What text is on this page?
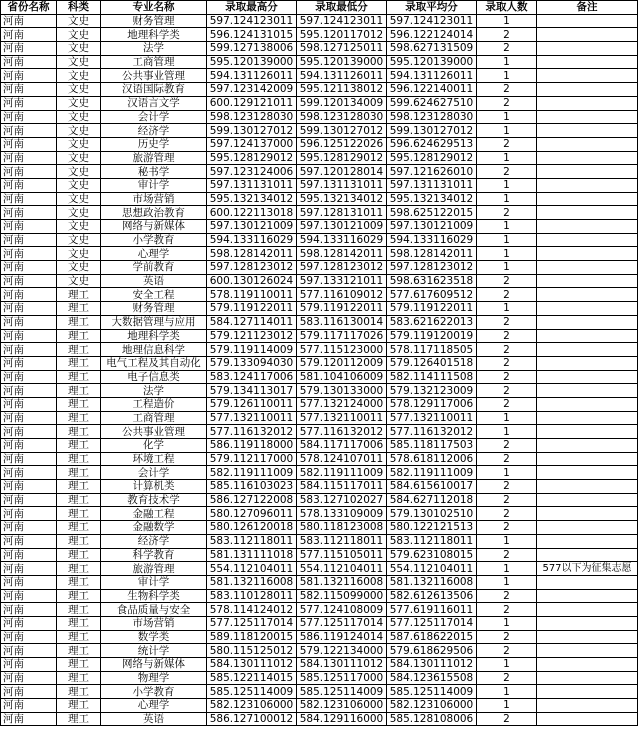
省份名称	科类	专业名称	录取最高分	录取最低分	录取平均分	录取人数	备注
河南	文史	财务管理	597.124123011	597.124123011	597.124123011	1	
河南	文史	地理科学类	596.124131015	595.120117012	596.122124014	2	
河南	文史	法学	599.127138006	598.127125011	598.627131509	2	
河南	文史	工商管理	595.120139000	595.120139000	595.120139000	1	
河南	文史	公共事业管理	594.131126011	594.131126011	594.131126011	1	
河南	文史	汉语国际教育	597.123142009	595.121138012	596.122140011	2	
河南	文史	汉语言文学	600.129121011	599.120134009	599.624627510	2	
河南	文史	会计学	598.123128030	598.123128030	598.123128030	1	
河南	文史	经济学	599.130127012	599.130127012	599.130127012	1	
河南	文史	历史学	597.124137000	596.125122026	596.624629513	2	
河南	文史	旅游管理	595.128129012	595.128129012	595.128129012	1	
河南	文史	秘书学	597.123124006	597.120128014	597.121626010	2	
河南	文史	审计学	597.131131011	597.131131011	597.131131011	1	
河南	文史	市场营销	595.132134012	595.132134012	595.132134012	1	
河南	文史	思想政治教育	600.122113018	597.128131011	598.625122015	2	
河南	文史	网络与新媒体	597.130121009	597.130121009	597.130121009	1	
河南	文史	小学教育	594.133116029	594.133116029	594.133116029	1	
河南	文史	心理学	598.128142011	598.128142011	598.128142011	1	
河南	文史	学前教育	597.128123012	597.128123012	597.128123012	1	
河南	文史	英语	600.130126024	597.133121011	598.631623518	2	
河南	理工	安全工程	578.119110011	577.116109012	577.617609512	2	
河南	理工	财务管理	579.119122011	579.119122011	579.119122011	1	
河南	理工	大数据管理与应用	584.127114011	583.116130014	583.621622013	2	
河南	理工	地理科学类	579.121123012	579.117117026	579.119120019	2	
河南	理工	地理信息科学	579.119114009	577.115123000	578.117118505	2	
河南	理工	电气工程及其自动化	579.133094030	579.120112009	579.126401518	2	
河南	理工	电子信息类	583.124117006	581.104106009	582.114111508	2	
河南	理工	法学	579.134113017	579.130133000	579.132123009	2	
河南	理工	工程造价	579.126110011	577.132124000	578.129117006	2	
河南	理工	工商管理	577.132110011	577.132110011	577.132110011	1	
河南	理工	公共事业管理	577.116132012	577.116132012	577.116132012	1	
河南	理工	化学	586.119118000	584.117117006	585.118117503	2	
河南	理工	环境工程	579.112117000	578.124107011	578.618112006	2	
河南	理工	会计学	582.119111009	582.119111009	582.119111009	1	
河南	理工	计算机类	585.116103023	584.115117011	584.615610017	2	
河南	理工	教育技术学	586.127122008	583.127102027	584.627112018	2	
河南	理工	金融工程	580.127096011	578.133109009	579.130102510	2	
河南	理工	金融数学	580.126120018	580.118123008	580.122121513	2	
河南	理工	经济学	583.112118011	583.112118011	583.112118011	1	
河南	理工	科学教育	581.131111018	577.115105011	579.623108015	2	
河南	理工	旅游管理	554.112104011	554.112104011	554.112104011	1	577以下为征集志愿
河南	理工	审计学	581.132116008	581.132116008	581.132116008	1	
河南	理工	生物科学类	583.110128011	582.115099000	582.612613506	2	
河南	理工	食品质量与安全	578.114124012	577.124108009	577.619116011	2	
河南	理工	市场营销	577.125117014	577.125117014	577.125117014	1	
河南	理工	数学类	589.118120015	586.119124014	587.618622015	2	
河南	理工	统计学	580.115125012	579.122134000	579.618629506	2	
河南	理工	网络与新媒体	584.130111012	584.130111012	584.130111012	1	
河南	理工	物理学	585.122114015	585.125117000	584.123615508	2	
河南	理工	小学教育	585.125114009	585.125114009	585.125114009	1	
河南	理工	心理学	582.123106000	582.123106000	582.123106000	1	
河南	理工	英语	586.127100012	584.129116000	585.128108006	2	
